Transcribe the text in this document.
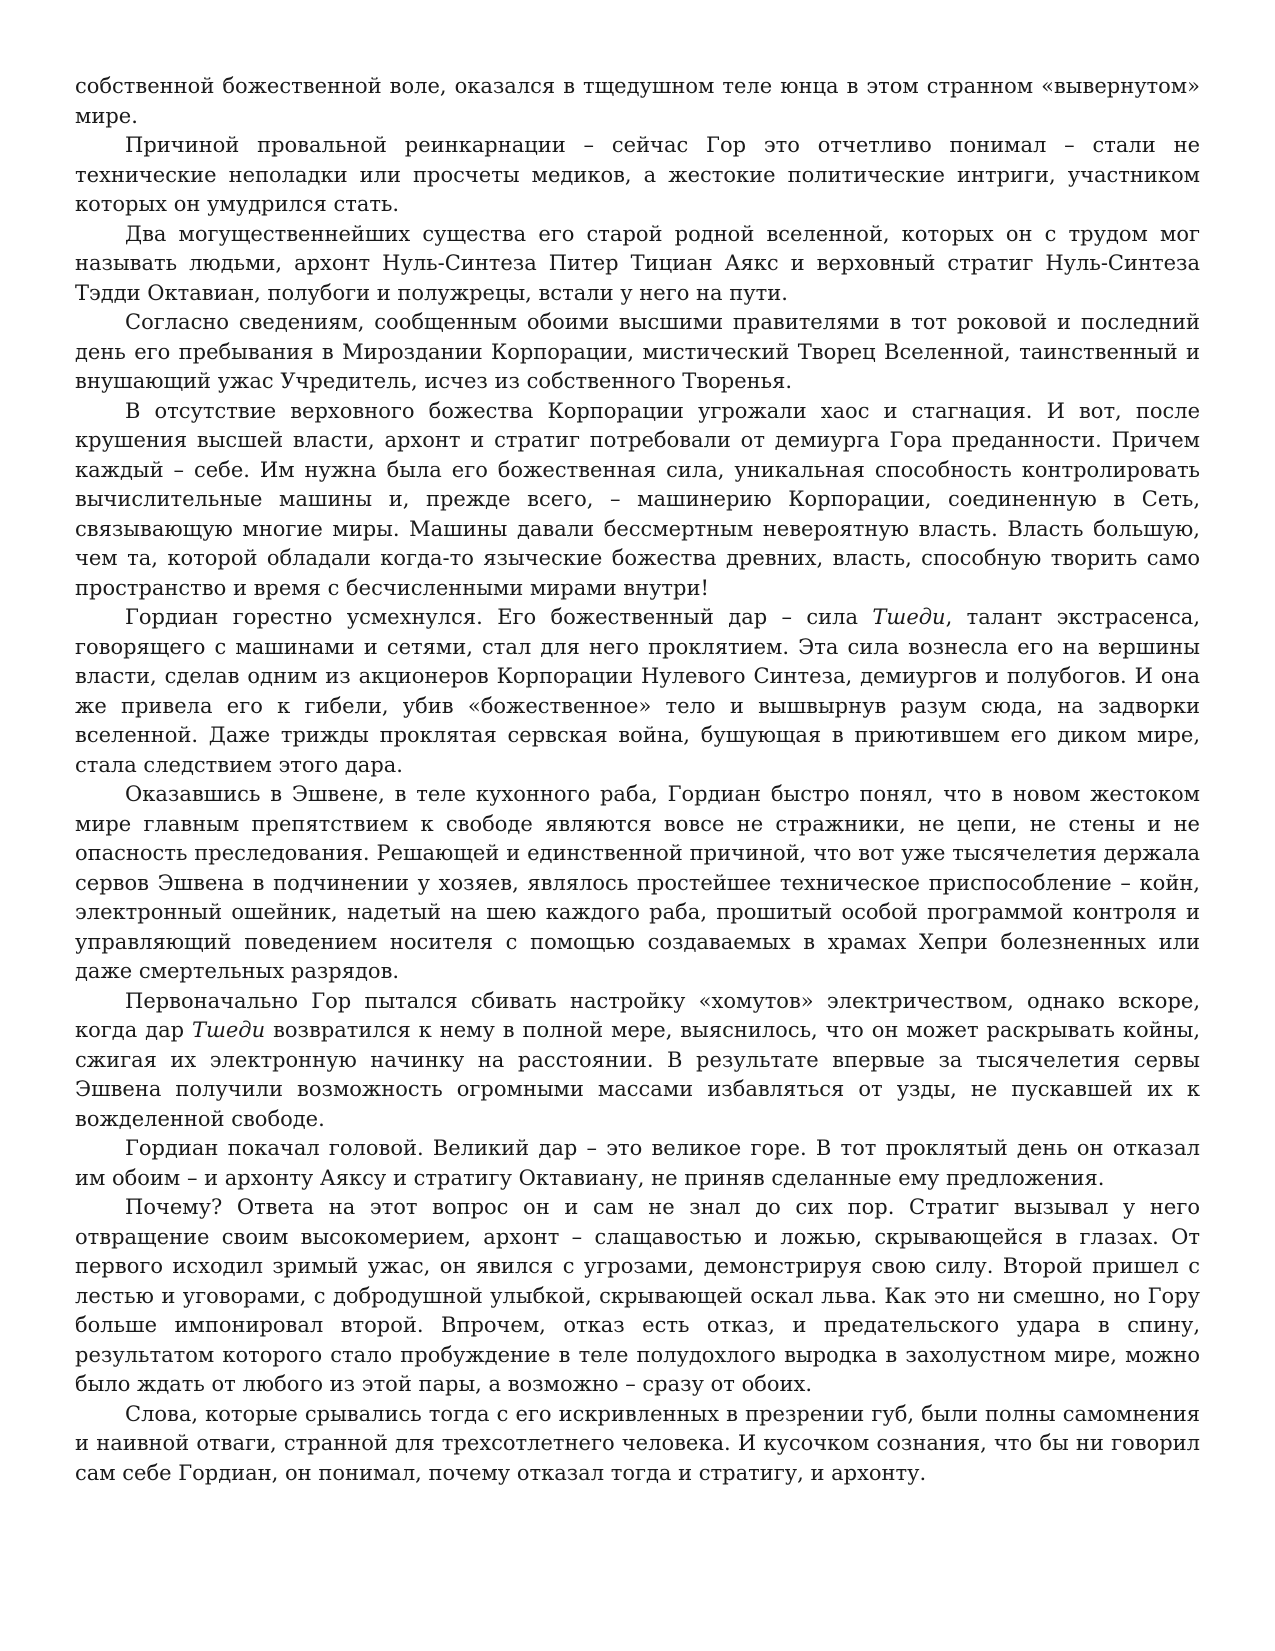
собственной божественной воле, оказался в тщедушном теле юнца в этом странном «вывернутом» мире.

Причиной провальной реинкарнации – сейчас Гор это отчетливо понимал – стали не технические неполадки или просчеты медиков, а жестокие политические интриги, участником которых он умудрился стать.

Два могущественнейших существа его старой родной вселенной, которых он с трудом мог называть людьми, архонт Нуль-Синтеза Питер Тициан Аякс и верховный стратиг Нуль-Синтеза Тэдди Октавиан, полубоги и полужрецы, встали у него на пути.

Согласно сведениям, сообщенным обоими высшими правителями в тот роковой и последний день его пребывания в Мироздании Корпорации, мистический Творец Вселенной, таинственный и внушающий ужас Учредитель, исчез из собственного Творенья.

В отсутствие верховного божества Корпорации угрожали хаос и стагнация. И вот, после крушения высшей власти, архонт и стратиг потребовали от демиурга Гора преданности. Причем каждый – себе. Им нужна была его божественная сила, уникальная способность контролировать вычислительные машины и, прежде всего, – машинерию Корпорации, соединенную в Сеть, связывающую многие миры. Машины давали бессмертным невероятную власть. Власть большую, чем та, которой обладали когда-то языческие божества древних, власть, способную творить само пространство и время с бесчисленными мирами внутри!

Гордиан горестно усмехнулся. Его божественный дар – сила Тшеди, талант экстрасенса, говорящего с машинами и сетями, стал для него проклятием. Эта сила вознесла его на вершины власти, сделав одним из акционеров Корпорации Нулевого Синтеза, демиургов и полубогов. И она же привела его к гибели, убив «божественное» тело и вышвырнув разум сюда, на задворки вселенной. Даже трижды проклятая сервская война, бушующая в приютившем его диком мире, стала следствием этого дара.

Оказавшись в Эшвене, в теле кухонного раба, Гордиан быстро понял, что в новом жестоком мире главным препятствием к свободе являются вовсе не стражники, не цепи, не стены и не опасность преследования. Решающей и единственной причиной, что вот уже тысячелетия держала сервов Эшвена в подчинении у хозяев, являлось простейшее техническое приспособление – койн, электронный ошейник, надетый на шею каждого раба, прошитый особой программой контроля и управляющий поведением носителя с помощью создаваемых в храмах Хепри болезненных или даже смертельных разрядов.

Первоначально Гор пытался сбивать настройку «хомутов» электричеством, однако вскоре, когда дар Тшеди возвратился к нему в полной мере, выяснилось, что он может раскрывать койны, сжигая их электронную начинку на расстоянии. В результате впервые за тысячелетия сервы Эшвена получили возможность огромными массами избавляться от узды, не пускавшей их к вожделенной свободе.

Гордиан покачал головой. Великий дар – это великое горе. В тот проклятый день он отказал им обоим – и архонту Аяксу и стратигу Октавиану, не приняв сделанные ему предложения.

Почему? Ответа на этот вопрос он и сам не знал до сих пор. Стратиг вызывал у него отвращение своим высокомерием, архонт – слащавостью и ложью, скрывающейся в глазах. От первого исходил зримый ужас, он явился с угрозами, демонстрируя свою силу. Второй пришел с лестью и уговорами, с добродушной улыбкой, скрывающей оскал льва. Как это ни смешно, но Гору больше импонировал второй. Впрочем, отказ есть отказ, и предательского удара в спину, результатом которого стало пробуждение в теле полудохлого выродка в захолустном мире, можно было ждать от любого из этой пары, а возможно – сразу от обоих.

Слова, которые срывались тогда с его искривленных в презрении губ, были полны самомнения и наивной отваги, странной для трехсотлетнего человека. И кусочком сознания, что бы ни говорил сам себе Гордиан, он понимал, почему отказал тогда и стратигу, и архонту.
